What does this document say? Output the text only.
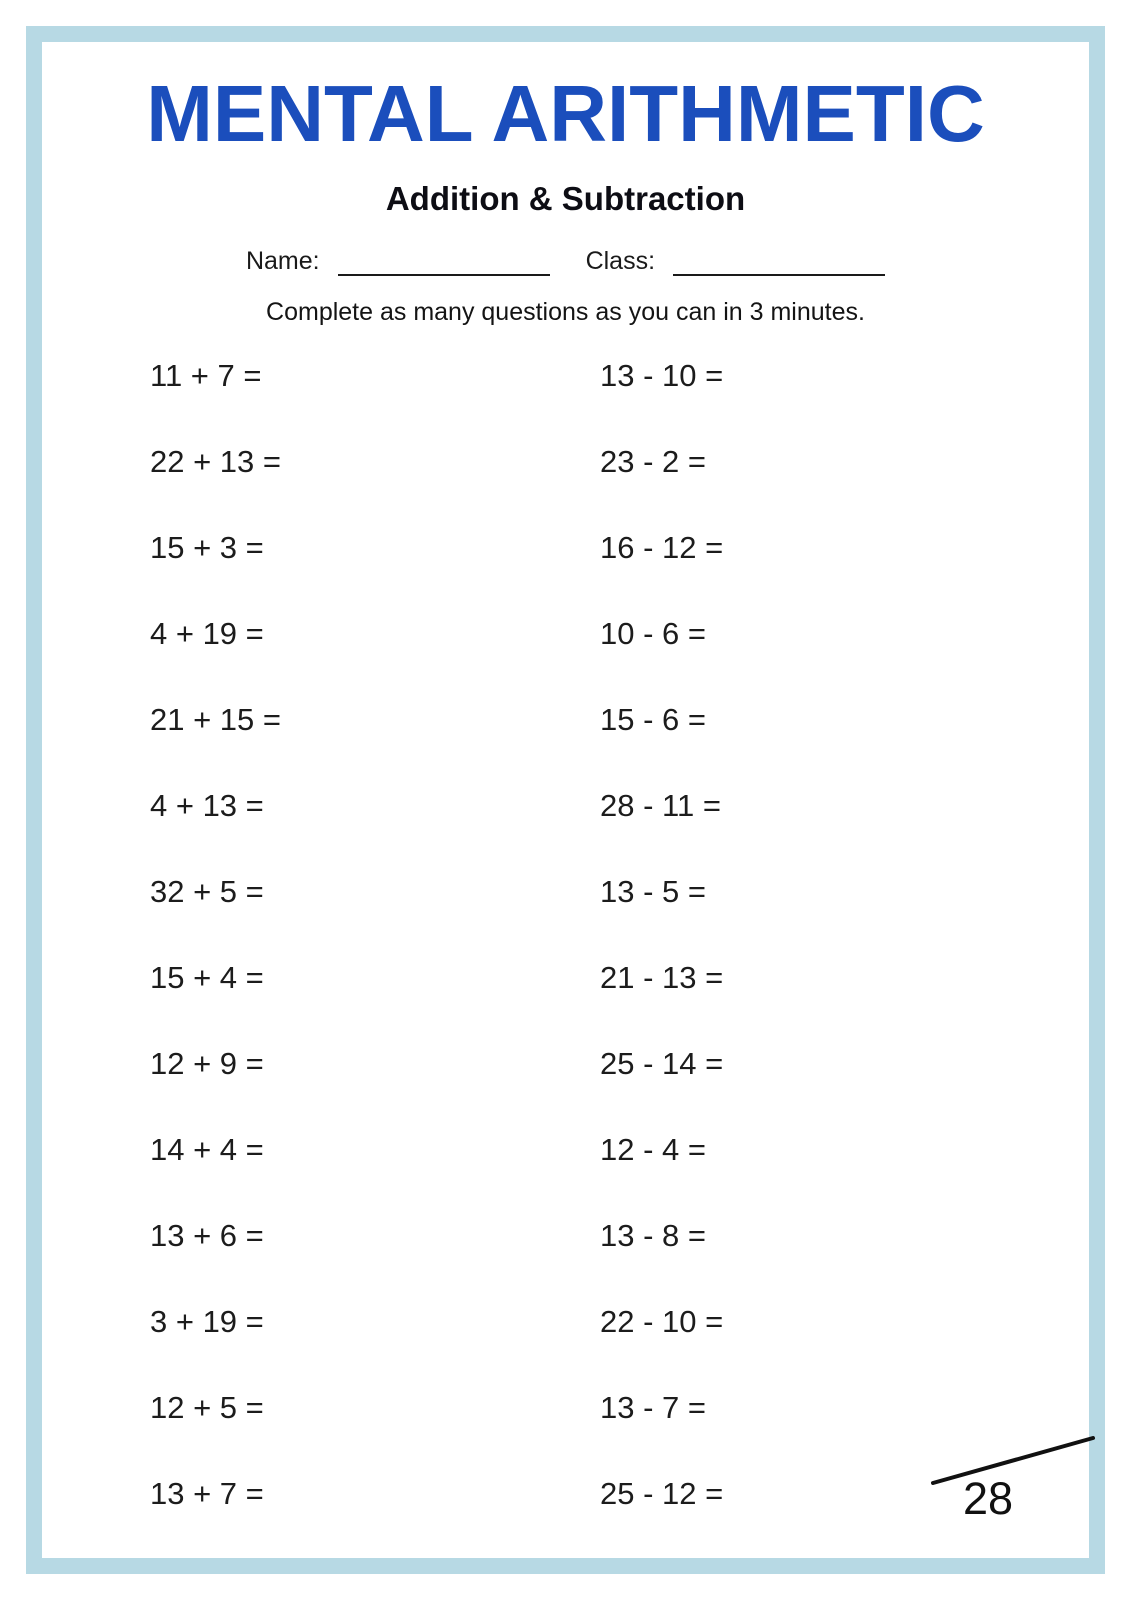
MENTAL ARITHMETIC
Addition & Subtraction
Name:	Class:
Complete as many questions as you can in 3 minutes.
11 + 7 =
22 + 13 =
15 + 3 =
4 + 19 =
21 + 15 =
4 + 13 =
32 + 5 =
15 + 4 =
12 + 9 =
14 + 4 =
13 + 6 =
3 + 19 =
12 + 5 =
13 + 7 =
13 - 10 =
23 - 2 =
16 - 12 =
10 - 6 =
15 - 6 =
28 - 11 =
13 - 5 =
21 - 13 =
25 - 14 =
12 - 4 =
13 - 8 =
22 - 10 =
13 - 7 =
25 - 12 =	28
